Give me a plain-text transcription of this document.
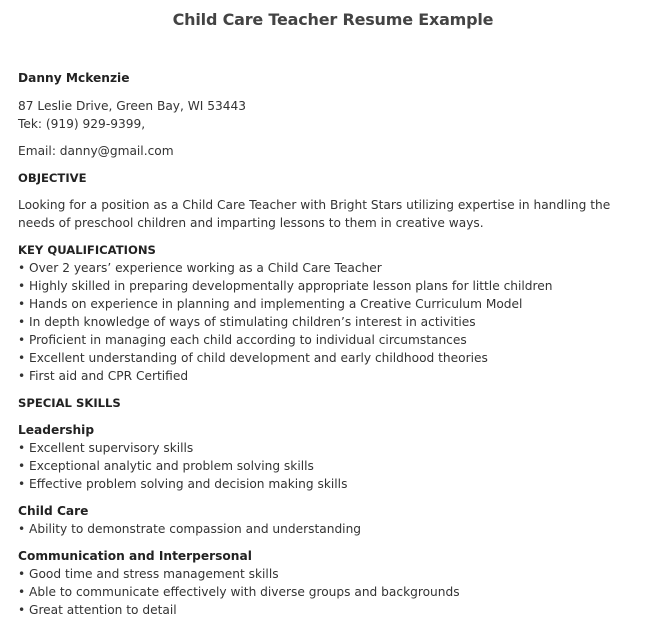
Child Care Teacher Resume Example

Danny Mckenzie

87 Leslie Drive, Green Bay, WI 53443

Tek: (919) 929-9399,

Email: danny@gmail.com

OBJECTIVE

Looking for a position as a Child Care Teacher with Bright Stars utilizing expertise in handling the needs of preschool children and imparting lessons to them in creative ways.

KEY QUALIFICATIONS

• Over 2 years’ experience working as a Child Care Teacher
• Highly skilled in preparing developmentally appropriate lesson plans for little children
• Hands on experience in planning and implementing a Creative Curriculum Model
• In depth knowledge of ways of stimulating children’s interest in activities
• Proficient in managing each child according to individual circumstances
• Excellent understanding of child development and early childhood theories
• First aid and CPR Certified

SPECIAL SKILLS

Leadership

• Excellent supervisory skills
• Exceptional analytic and problem solving skills
• Effective problem solving and decision making skills

Child Care

• Ability to demonstrate compassion and understanding

Communication and Interpersonal

• Good time and stress management skills
• Able to communicate effectively with diverse groups and backgrounds
• Great attention to detail
